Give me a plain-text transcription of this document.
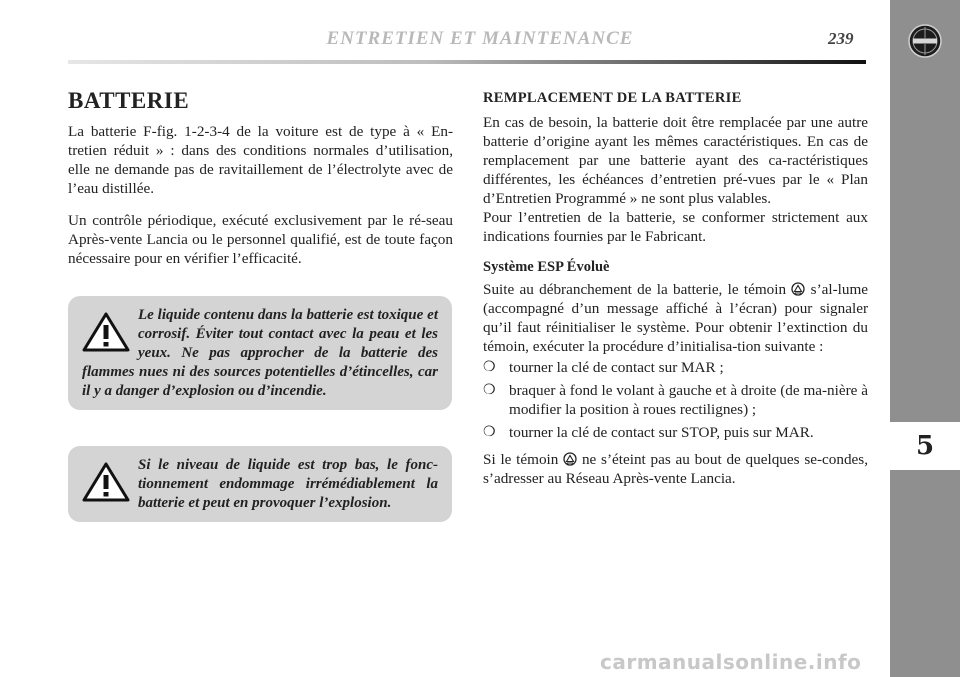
5
ENTRETIEN ET MAINTENANCE	239
BATTERIE

La batterie F-fig. 1-2-3-4 de la voiture est de type à « En-tretien réduit » : dans des conditions normales d’utilisation, elle ne demande pas de ravitaillement de l’électrolyte avec de l’eau distillée.

Un contrôle périodique, exécuté exclusivement par le ré-seau Après-vente Lancia ou le personnel qualifié, est de toute façon nécessaire pour en vérifier l’efficacité.

Le liquide contenu dans la batterie est toxique et corrosif. Éviter tout contact avec la peau et les yeux. Ne pas approcher de la batterie des flammes nues ni des sources potentielles d’étincelles, car il y a danger d’explosion ou d’incendie.
Si le niveau de liquide est trop bas, le fonc-tionnement endommage irrémédiablement la batterie et peut en provoquer l’explosion.
REMPLACEMENT DE LA BATTERIE

En cas de besoin, la batterie doit être remplacée par une autre batterie d’origine ayant les mêmes caractéristiques. En cas de remplacement par une batterie ayant des ca-ractéristiques différentes, les échéances d’entretien pré-vues par le « Plan d’Entretien Programmé » ne sont plus valables.

Pour l’entretien de la batterie, se conformer strictement aux indications fournies par le Fabricant.

Système ESP Évoluè

Suite au débranchement de la batterie, le témoin s’al-lume (accompagné d’un message affiché à l’écran) pour signaler qu’il faut réinitialiser le système. Pour obtenir l’extinction du témoin, exécuter la procédure d’initialisa-tion suivante :

❍ tourner la clé de contact sur MAR ;
❍ braquer à fond le volant à gauche et à droite (de ma-nière à modifier la position à roues rectilignes) ;
❍ tourner la clé de contact sur STOP, puis sur MAR.

Si le témoin ne s’éteint pas au bout de quelques se-condes, s’adresser au Réseau Après-vente Lancia.

carmanualsonline.info
